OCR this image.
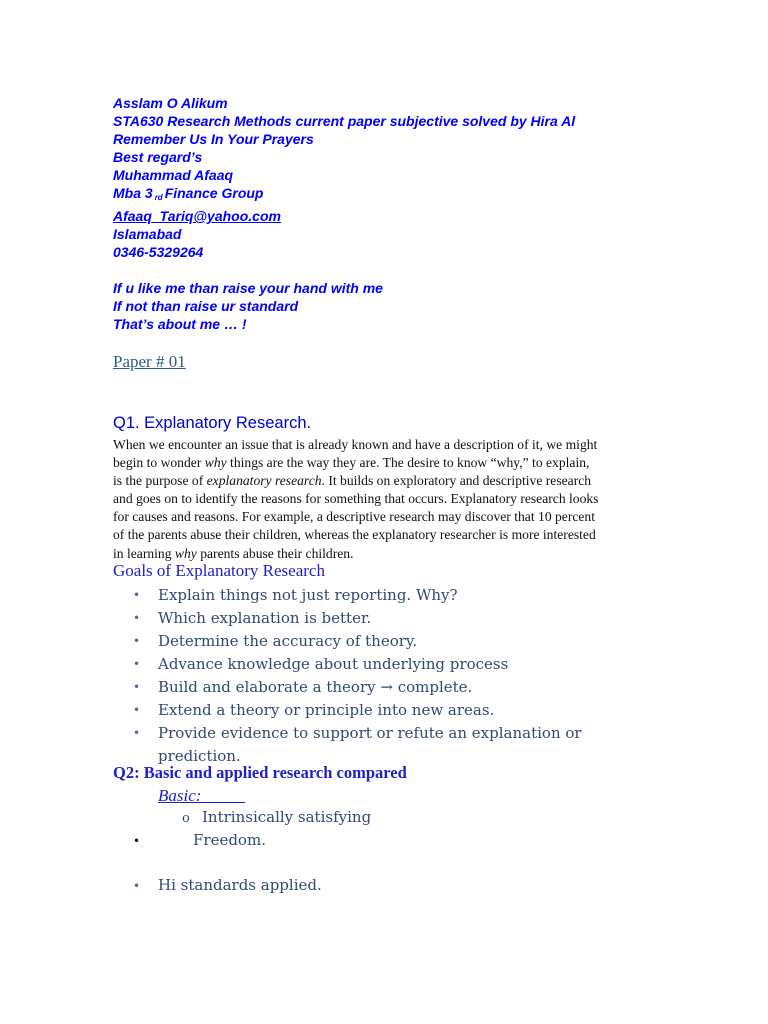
Asslam O Alikum
STA630 Research Methods current paper subjective solved by Hira Al
Remember Us In Your Prayers
Best regard’s
Muhammad Afaaq
Mba 3 $_{rd}$ Finance Group
Afaaq_Tariq@yahoo.com
Islamabad
0346-5329264
If u like me than raise your hand with me
If not than raise ur standard
That’s about me … !
Paper # 01
Q1. Explanatory Research.
When we encounter an issue that is already known and have a description of it, we might
begin to wonder why things are the way they are. The desire to know “why,” to explain,
is the purpose of explanatory research. It builds on exploratory and descriptive research
and goes on to identify the reasons for something that occurs. Explanatory research looks
for causes and reasons. For example, a descriptive research may discover that 10 percent
of the parents abuse their children, whereas the explanatory researcher is more interested
in learning why parents abuse their children.
Goals of Explanatory Research
• Explain things not just reporting. Why?
• Which explanation is better.
• Determine the accuracy of theory.
• Advance knowledge about underlying process
• Build and elaborate a theory → complete.
• Extend a theory or principle into new areas.
• Provide evidence to support or refute an explanation or
prediction.
Q2: Basic and applied research compared
Basic:
o Intrinsically satisfying
•	Freedom.
• Hi standards applied.
